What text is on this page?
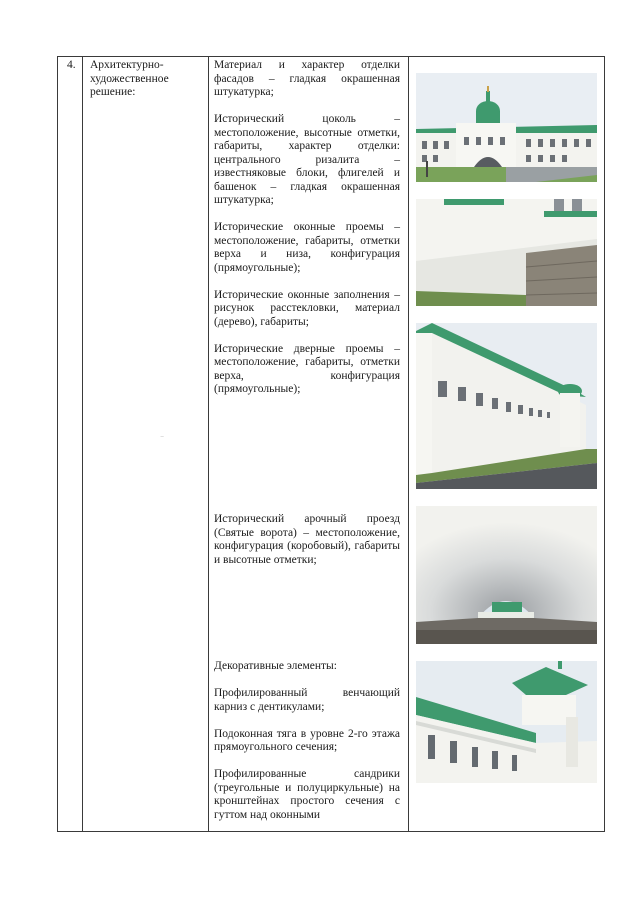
4. Архитектурно-художественное решение:

Материал и характер отделки фасадов – гладкая окрашенная штукатурка;

Исторический цоколь – местоположение, высотные отметки, габариты, характер отделки: центрального ризалита – известняковые блоки, флигелей и башенок – гладкая окрашенная штукатурка;

Исторические оконные проемы – местоположение, габариты, отметки верха и низа, конфигурация (прямоугольные);

Исторические оконные заполнения – рисунок расстекловки, материал (дерево), габариты;

Исторические дверные проемы – местоположение, габариты, отметки верха, конфигурация (прямоугольные);

Исторический арочный проезд (Святые ворота) – местоположение, конфигурация (коробовый), габариты и высотные отметки;

Декоративные элементы:

Профилированный венчающий карниз с дентикулами;

Подоконная тяга в уровне 2-го этажа прямоугольного сечения;

Профилированные сандрики (треугольные и полуциркульные) на кронштейнах простого сечения с гуттом над оконными

⁻
